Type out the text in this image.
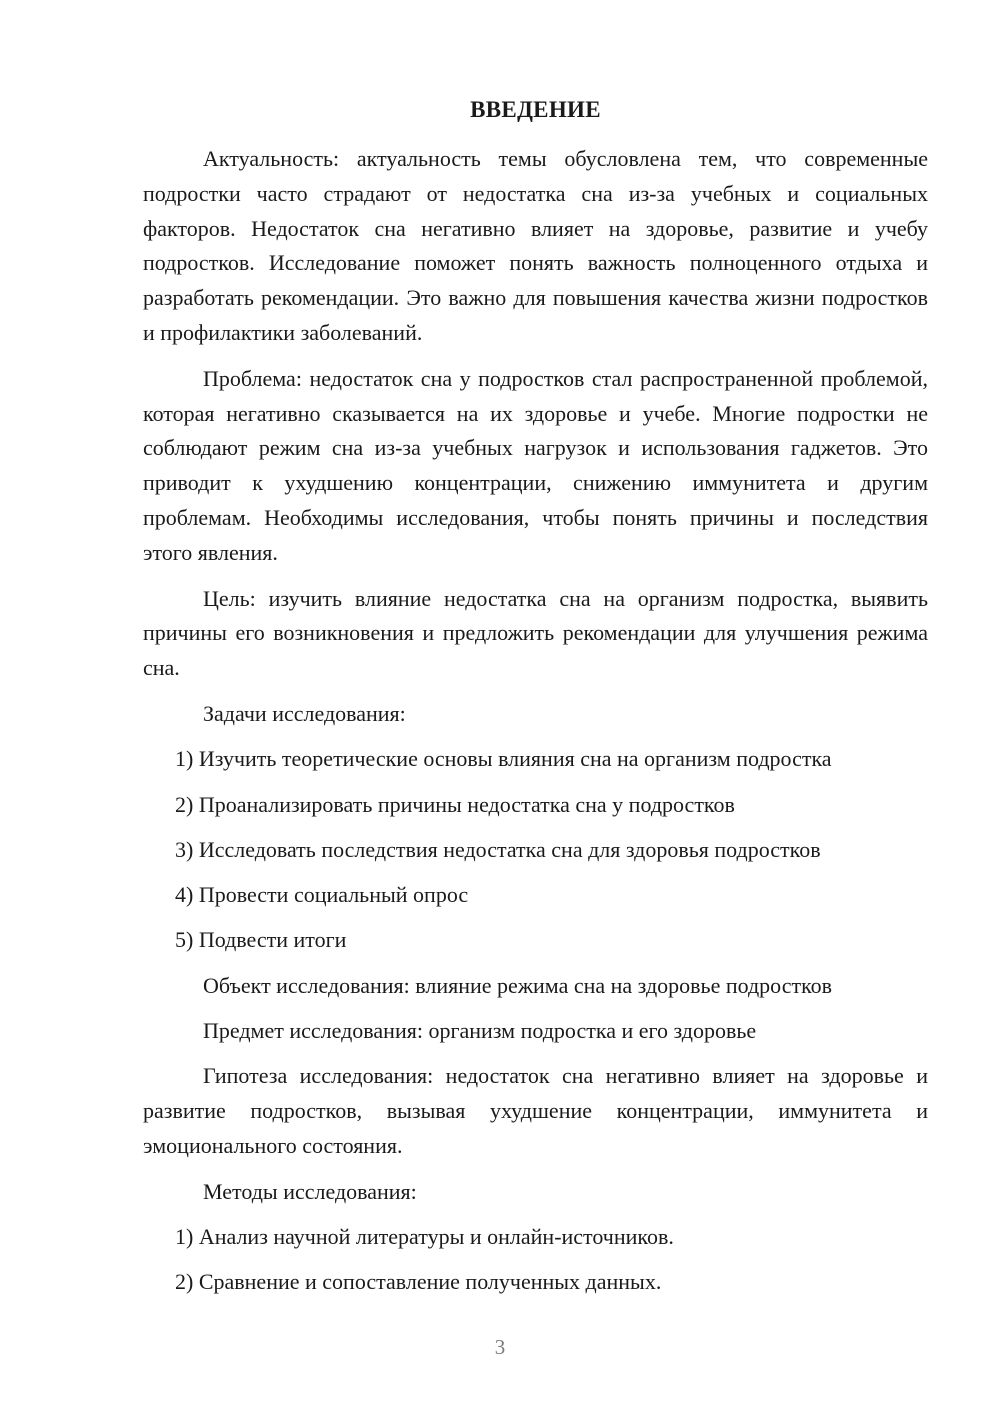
ВВЕДЕНИЕ

Актуальность: актуальность темы обусловлена тем, что современные подростки часто страдают от недостатка сна из-за учебных и социальных факторов. Недостаток сна негативно влияет на здоровье, развитие и учебу подростков. Исследование поможет понять важность полноценного отдыха и разработать рекомендации. Это важно для повышения качества жизни подростков и профилактики заболеваний.

Проблема: недостаток сна у подростков стал распространенной проблемой, которая негативно сказывается на их здоровье и учебе. Многие подростки не соблюдают режим сна из-за учебных нагрузок и использования гаджетов. Это приводит к ухудшению концентрации, снижению иммунитета и другим проблемам. Необходимы исследования, чтобы понять причины и последствия этого явления.

Цель: изучить влияние недостатка сна на организм подростка, выявить причины его возникновения и предложить рекомендации для улучшения режима сна.

Задачи исследования:
1) Изучить теоретические основы влияния сна на организм подростка
2) Проанализировать причины недостатка сна у подростков
3) Исследовать последствия недостатка сна для здоровья подростков
4) Провести социальный опрос
5) Подвести итоги
Объект исследования: влияние режима сна на здоровье подростков
Предмет исследования: организм подростка и его здоровье

Гипотеза исследования: недостаток сна негативно влияет на здоровье и развитие подростков, вызывая ухудшение концентрации, иммунитета и эмоционального состояния.

Методы исследования:
1) Анализ научной литературы и онлайн-источников.
2) Сравнение и сопоставление полученных данных.
3
